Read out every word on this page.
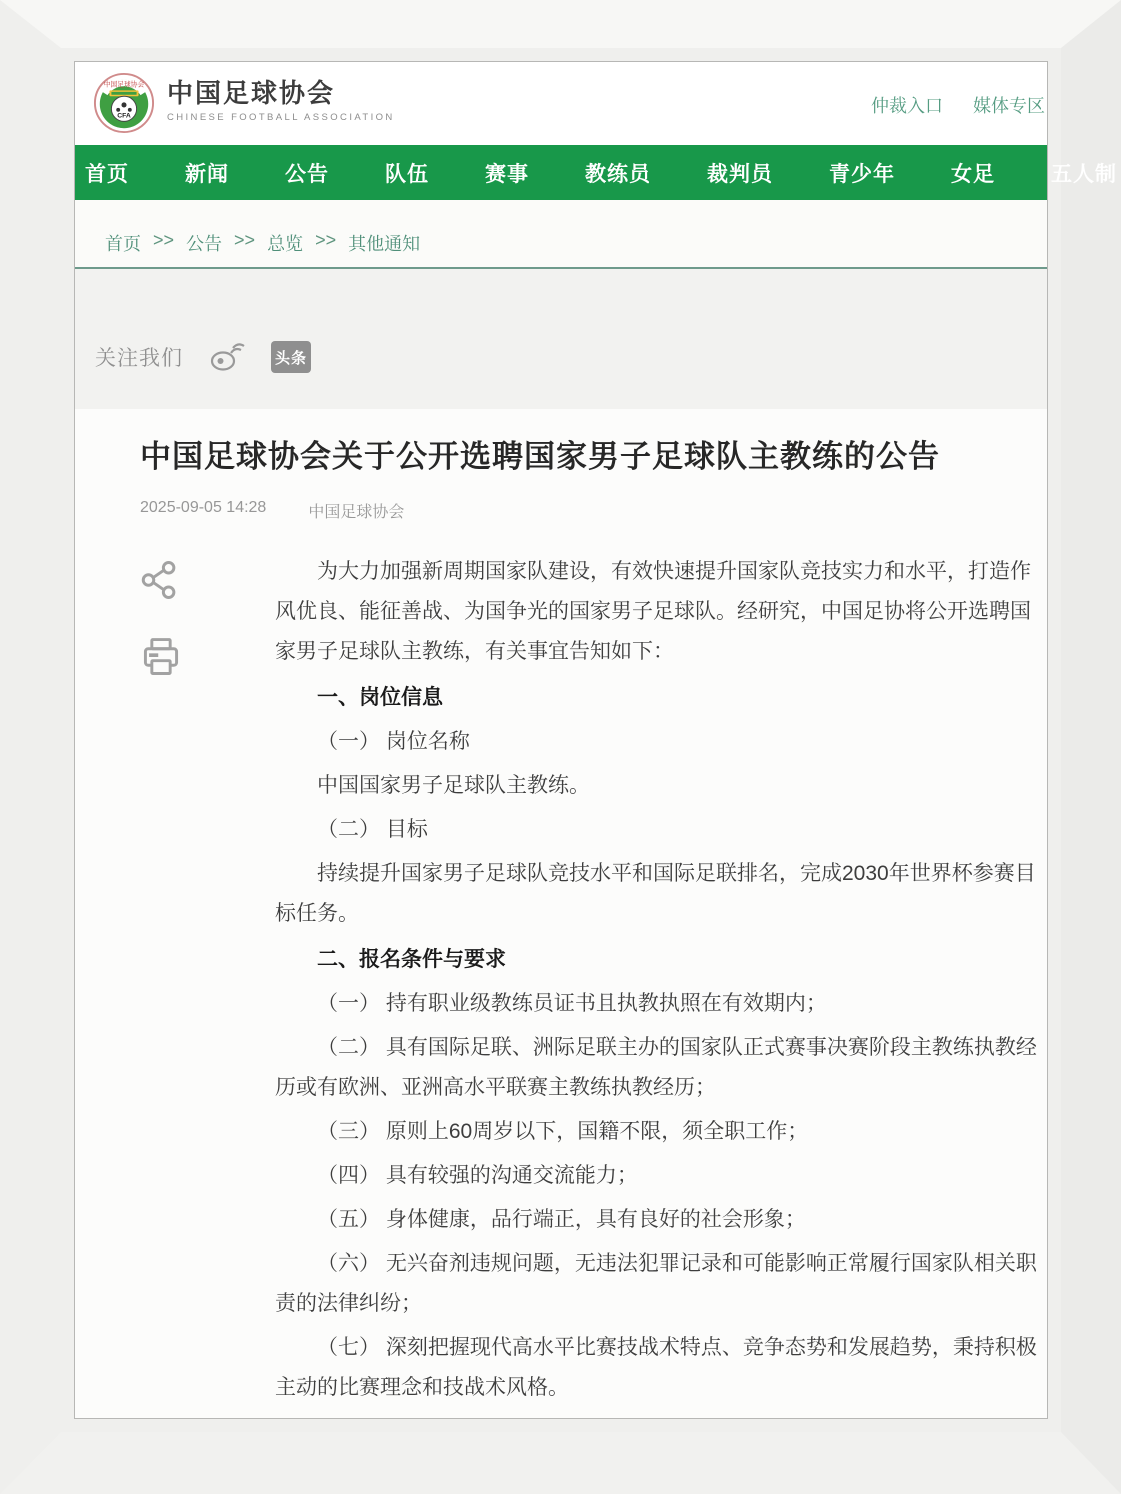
中国足球协会
CFA
中国足球协会
CHINESE FOOTBALL ASSOCIATION
仲裁入口 媒体专区
首页	新闻	公告	队伍	赛事	教练员	裁判员	青少年	女足	五人制
首页 >> 公告 >> 总览 >> 其他通知
关注我们	头条
中国足球协会关于公开选聘国家男子足球队主教练的公告
2025-09-05 14:28	中国足球协会

为大力加强新周期国家队建设，有效快速提升国家队竞技实力和水平，打造作风优良、能征善战、为国争光的国家男子足球队。经研究，中国足协将公开选聘国家男子足球队主教练，有关事宜告知如下：

一、岗位信息

（一） 岗位名称

中国国家男子足球队主教练。

（二） 目标

持续提升国家男子足球队竞技水平和国际足联排名，完成2030年世界杯参赛目标任务。

二、报名条件与要求

（一） 持有职业级教练员证书且执教执照在有效期内；

（二） 具有国际足联、洲际足联主办的国家队正式赛事决赛阶段主教练执教经历或有欧洲、亚洲高水平联赛主教练执教经历；

（三） 原则上60周岁以下，国籍不限，须全职工作；

（四） 具有较强的沟通交流能力；

（五） 身体健康，品行端正，具有良好的社会形象；

（六） 无兴奋剂违规问题，无违法犯罪记录和可能影响正常履行国家队相关职责的法律纠纷；

（七） 深刻把握现代高水平比赛技战术特点、竞争态势和发展趋势，秉持积极主动的比赛理念和技战术风格。
